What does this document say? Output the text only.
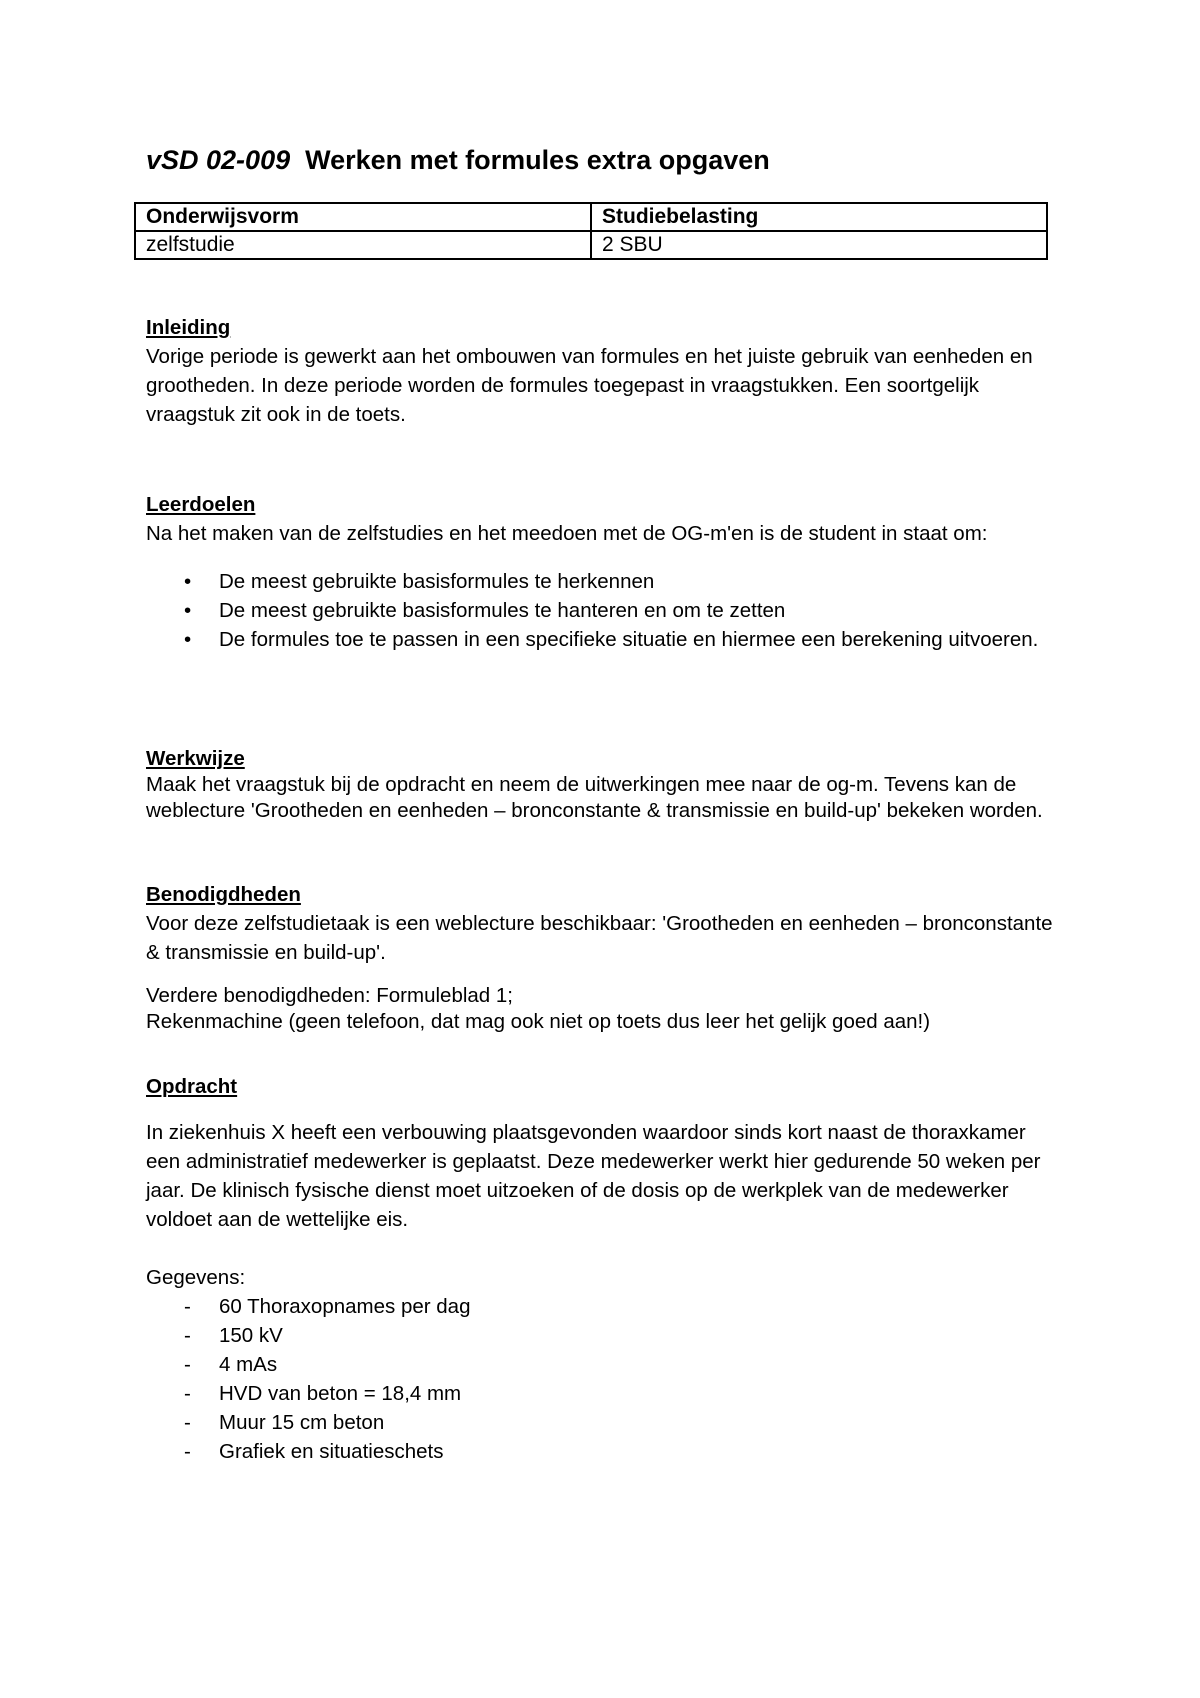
vSD 02-009 Werken met formules extra opgaven
Onderwijsvorm	Studiebelasting
zelfstudie	2 SBU
Inleiding

Vorige periode is gewerkt aan het ombouwen van formules en het juiste gebruik van eenheden en grootheden. In deze periode worden de formules toegepast in vraagstukken. Een soortgelijk vraagstuk zit ook in de toets.

Leerdoelen

Na het maken van de zelfstudies en het meedoen met de OG-m'en is de student in staat om:

• De meest gebruikte basisformules te herkennen
• De meest gebruikte basisformules te hanteren en om te zetten
• De formules toe te passen in een specifieke situatie en hiermee een berekening uitvoeren.
Werkwijze

Maak het vraagstuk bij de opdracht en neem de uitwerkingen mee naar de og-m. Tevens kan de weblecture 'Grootheden en eenheden – bronconstante & transmissie en build-up' bekeken worden.

Benodigdheden

Voor deze zelfstudietaak is een weblecture beschikbaar: 'Grootheden en eenheden – bronconstante & transmissie en build-up'.

Verdere benodigdheden: Formuleblad 1;

Rekenmachine (geen telefoon, dat mag ook niet op toets dus leer het gelijk goed aan!)

Opdracht

In ziekenhuis X heeft een verbouwing plaatsgevonden waardoor sinds kort naast de thoraxkamer een administratief medewerker is geplaatst. Deze medewerker werkt hier gedurende 50 weken per jaar. De klinisch fysische dienst moet uitzoeken of de dosis op de werkplek van de medewerker voldoet aan de wettelijke eis.

Gegevens:

- 60 Thoraxopnames per dag
- 150 kV
- 4 mAs
- HVD van beton = 18,4 mm
- Muur 15 cm beton
- Grafiek en situatieschets
